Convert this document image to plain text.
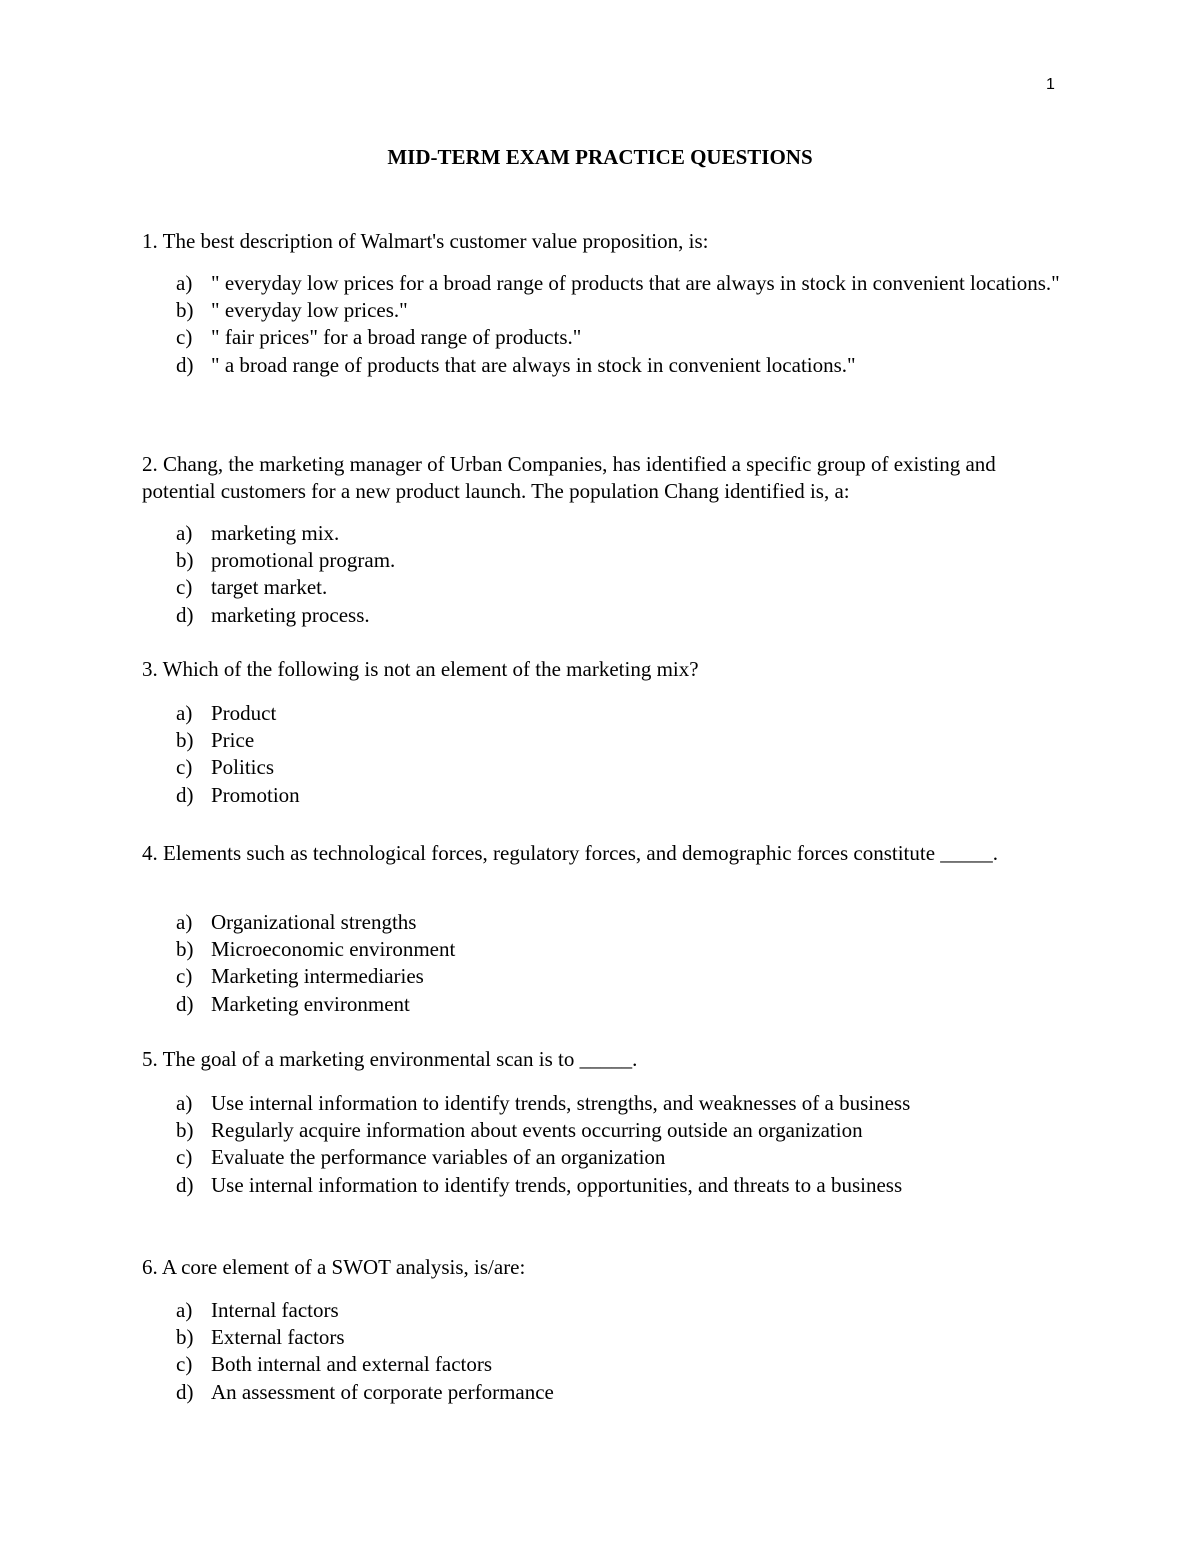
1
MID-TERM EXAM PRACTICE QUESTIONS
1. The best description of Walmart's customer value proposition, is:
a) " everyday low prices for a broad range of products that are always in stock in convenient locations."
b) " everyday low prices."
c) " fair prices" for a broad range of products."
d) " a broad range of products that are always in stock in convenient locations."
2. Chang, the marketing manager of Urban Companies, has identified a specific group of existing and potential customers for a new product launch. The population Chang identified is, a:
a) marketing mix.
b) promotional program.
c) target market.
d) marketing process.
3. Which of the following is not an element of the marketing mix?
a) Product
b) Price
c) Politics
d) Promotion
4. Elements such as technological forces, regulatory forces, and demographic forces constitute _____.
a) Organizational strengths
b) Microeconomic environment
c) Marketing intermediaries
d) Marketing environment
5. The goal of a marketing environmental scan is to _____.
a) Use internal information to identify trends, strengths, and weaknesses of a business
b) Regularly acquire information about events occurring outside an organization
c) Evaluate the performance variables of an organization
d) Use internal information to identify trends, opportunities, and threats to a business
6. A core element of a SWOT analysis, is/are:
a) Internal factors
b) External factors
c) Both internal and external factors
d) An assessment of corporate performance
